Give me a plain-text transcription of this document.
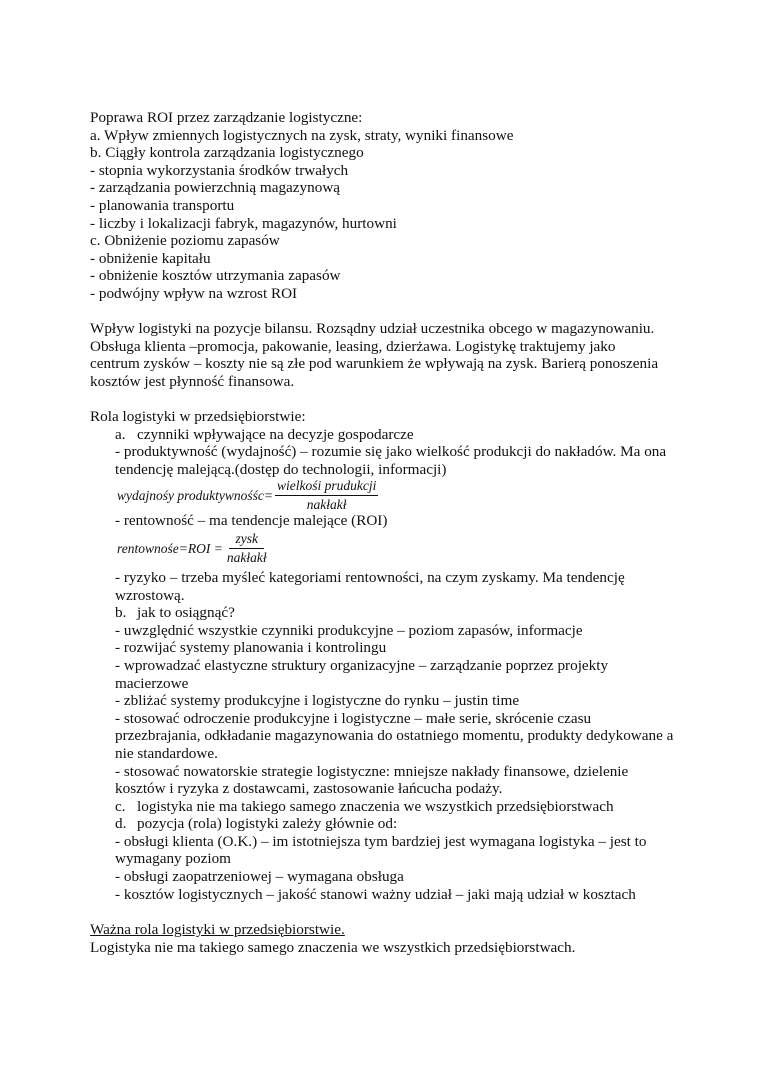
Poprawa ROI przez zarządzanie logistyczne:
a. Wpływ zmiennych logistycznych na zysk, straty, wyniki finansowe
b. Ciągły kontrola zarządzania logistycznego
- stopnia wykorzystania środków trwałych
- zarządzania powierzchnią magazynową
- planowania transportu
- liczby i lokalizacji fabryk, magazynów, hurtowni
c. Obniżenie poziomu zapasów
- obniżenie kapitału
- obniżenie kosztów utrzymania zapasów
- podwójny wpływ na wzrost ROI
Wpływ logistyki na pozycje bilansu. Rozsądny udział uczestnika obcego w magazynowaniu.
Obsługa klienta –promocja, pakowanie, leasing, dzierżawa. Logistykę traktujemy jako
centrum zysków – koszty nie są złe pod warunkiem że wpływają na zysk. Barierą ponoszenia
kosztów jest płynność finansowa.
Rola logistyki w przedsiębiorstwie:
a. czynniki wpływające na decyzje gospodarcze
- produktywność (wydajność) – rozumie się jako wielkość produkcji do nakładów. Ma ona tendencję malejącą.(dostęp do technologii, informacji)
wydajnośy produktywnośśc= $\frac{\text{wielkośi prudukcji}}{\text{nakłakł}}$
- rentowność – ma tendencje malejące (ROI)
rentownośe=ROI = $\frac{\text{zysk}}{\text{nakłakł}}$
- ryzyko – trzeba myśleć kategoriami rentowności, na czym zyskamy. Ma tendencję wzrostową.
b. jak to osiągnąć?
- uwzględnić wszystkie czynniki produkcyjne – poziom zapasów, informacje
- rozwijać systemy planowania i kontrolingu
- wprowadzać elastyczne struktury organizacyjne – zarządzanie poprzez projekty macierzowe
- zbliżać systemy produkcyjne i logistyczne do rynku – justin time
- stosować odroczenie produkcyjne i logistyczne – małe serie, skrócenie czasu przezbrajania, odkładanie magazynowania do ostatniego momentu, produkty dedykowane a nie standardowe.
- stosować nowatorskie strategie logistyczne: mniejsze nakłady finansowe, dzielenie kosztów i ryzyka z dostawcami, zastosowanie łańcucha podaży.
c. logistyka nie ma takiego samego znaczenia we wszystkich przedsiębiorstwach
d. pozycja (rola) logistyki zależy głównie od:
- obsługi klienta (O.K.) – im istotniejsza tym bardziej jest wymagana logistyka – jest to wymagany poziom
- obsługi zaopatrzeniowej – wymagana obsługa
- kosztów logistycznych – jakość stanowi ważny udział – jaki mają udział w kosztach
Ważna rola logistyki w przedsiębiorstwie.
Logistyka nie ma takiego samego znaczenia we wszystkich przedsiębiorstwach.
